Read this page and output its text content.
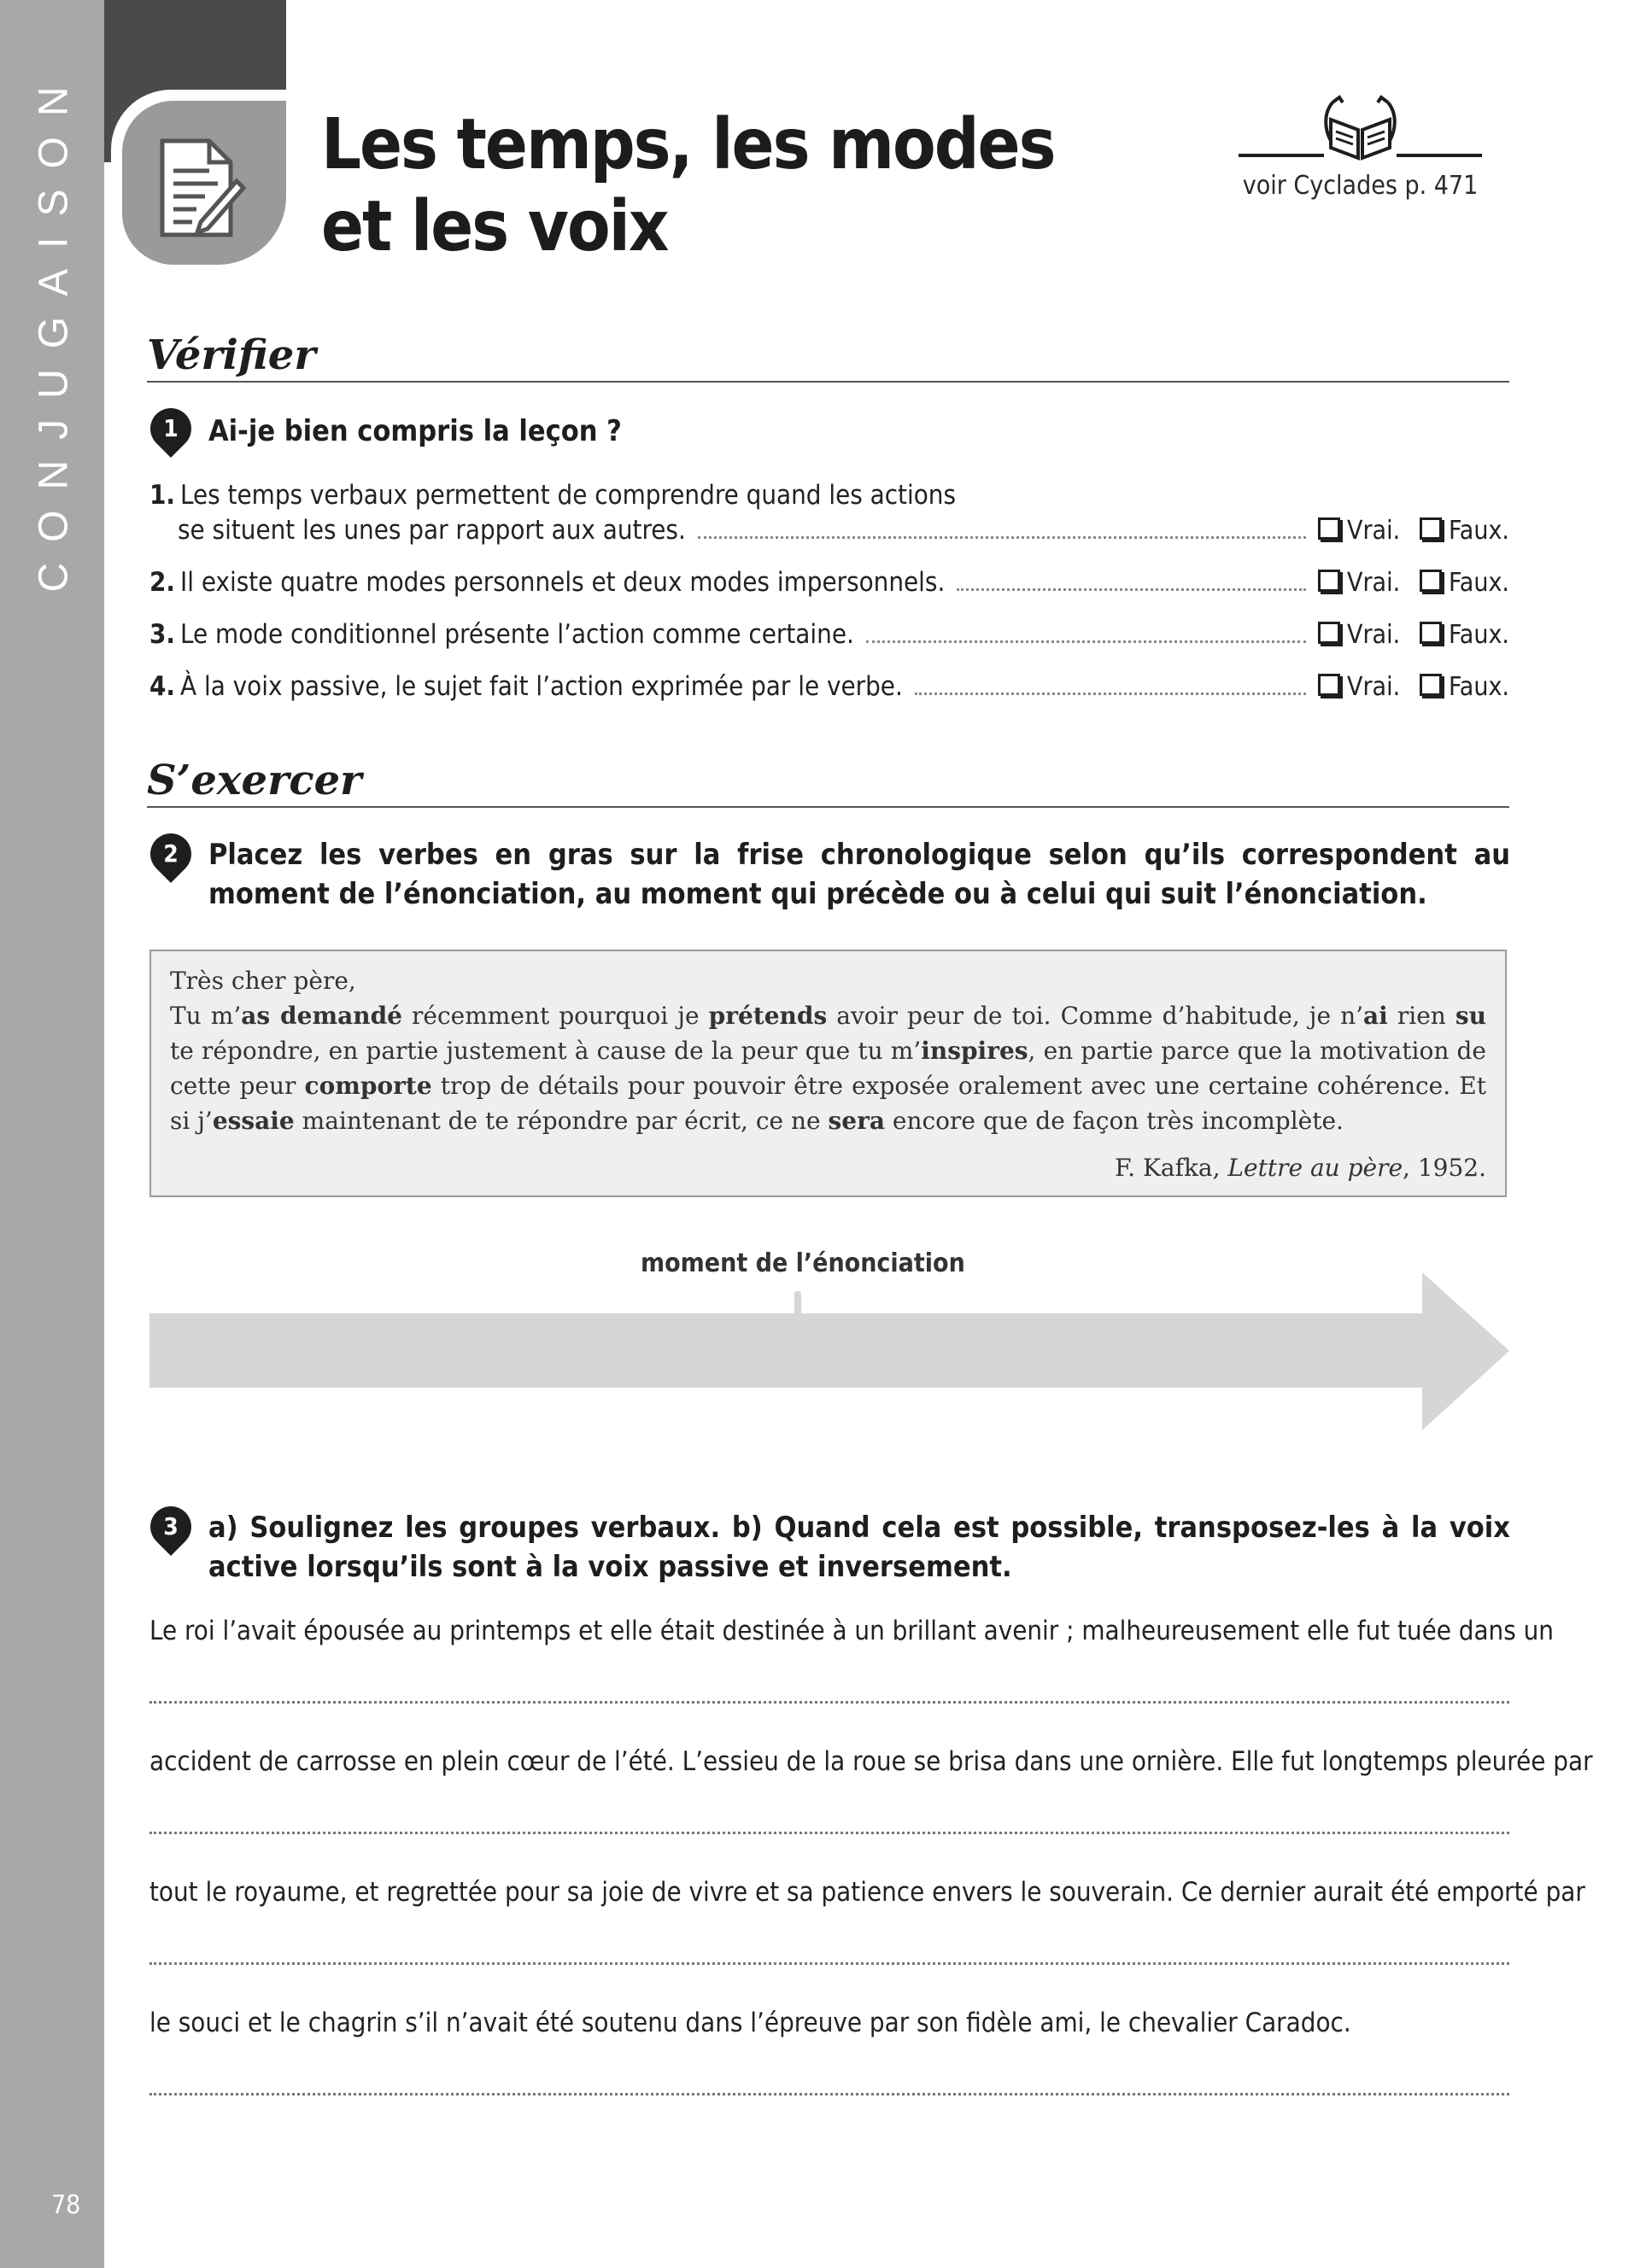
CONJUGAISON
78
Les temps, les modes
et les voix
voir Cyclades p. 471
Vérifier
1	Ai-je bien compris la leçon ?
1. Les temps verbaux permettent de comprendre quand les actions
se situent les unes par rapport aux autres.	Vrai. Faux.
2. Il existe quatre modes personnels et deux modes impersonnels.	Vrai. Faux.
3. Le mode conditionnel présente l’action comme certaine.	Vrai. Faux.
4. À la voix passive, le sujet fait l’action exprimée par le verbe.	Vrai. Faux.
S’exercer
2	Placez les verbes en gras sur la frise chronologique selon qu’ils correspondent au moment de l’énonciation, au moment qui précède ou à celui qui suit l’énonciation.

Très cher père,

Tu m’as demandé récemment pourquoi je prétends avoir peur de toi. Comme d’habitude, je n’ai rien su te répondre, en partie justement à cause de la peur que tu m’inspires, en partie parce que la motivation de cette peur comporte trop de détails pour pouvoir être exposée oralement avec une certaine cohérence. Et si j’essaie maintenant de te répondre par écrit, ce ne sera encore que de façon très incomplète.

F. Kafka, Lettre au père, 1952.
moment de l’énonciation
3	a) Soulignez les groupes verbaux. b) Quand cela est possible, transposez-les à la voix active lorsqu’ils sont à la voix passive et inversement.
Le roi l’avait épousée au printemps et elle était destinée à un brillant avenir ; malheureusement elle fut tuée dans un
accident de carrosse en plein cœur de l’été. L’essieu de la roue se brisa dans une ornière. Elle fut longtemps pleurée par
tout le royaume, et regrettée pour sa joie de vivre et sa patience envers le souverain. Ce dernier aurait été emporté par
le souci et le chagrin s’il n’avait été soutenu dans l’épreuve par son fidèle ami, le chevalier Caradoc.
